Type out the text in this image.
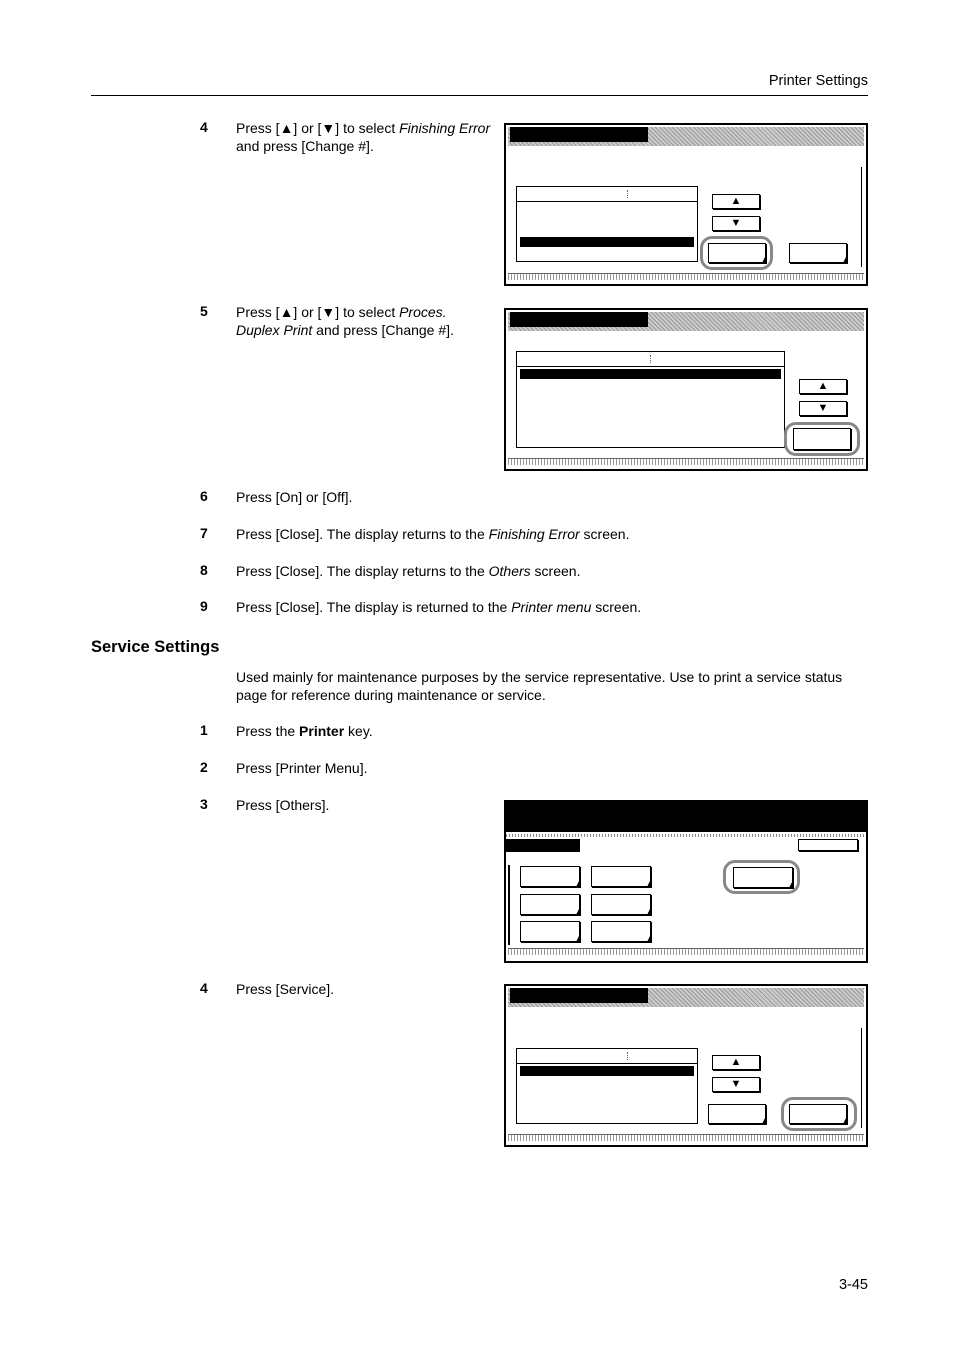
Printer Settings
4 Press [▲] or [▼] to select Finishing Error and press [Change #].
▲
▼
5 Press [▲] or [▼] to select Proces. Duplex Print and press [Change #].
▲
▼
6 Press [On] or [Off].
7 Press [Close]. The display returns to the Finishing Error screen.
8 Press [Close]. The display returns to the Others screen.
9 Press [Close]. The display is returned to the Printer menu screen.
Service Settings
Used mainly for maintenance purposes by the service representative. Use to print a service status page for reference during maintenance or service.
1 Press the Printer key.
2 Press [Printer Menu].
3 Press [Others].
4 Press [Service].
▲
▼
3-45
